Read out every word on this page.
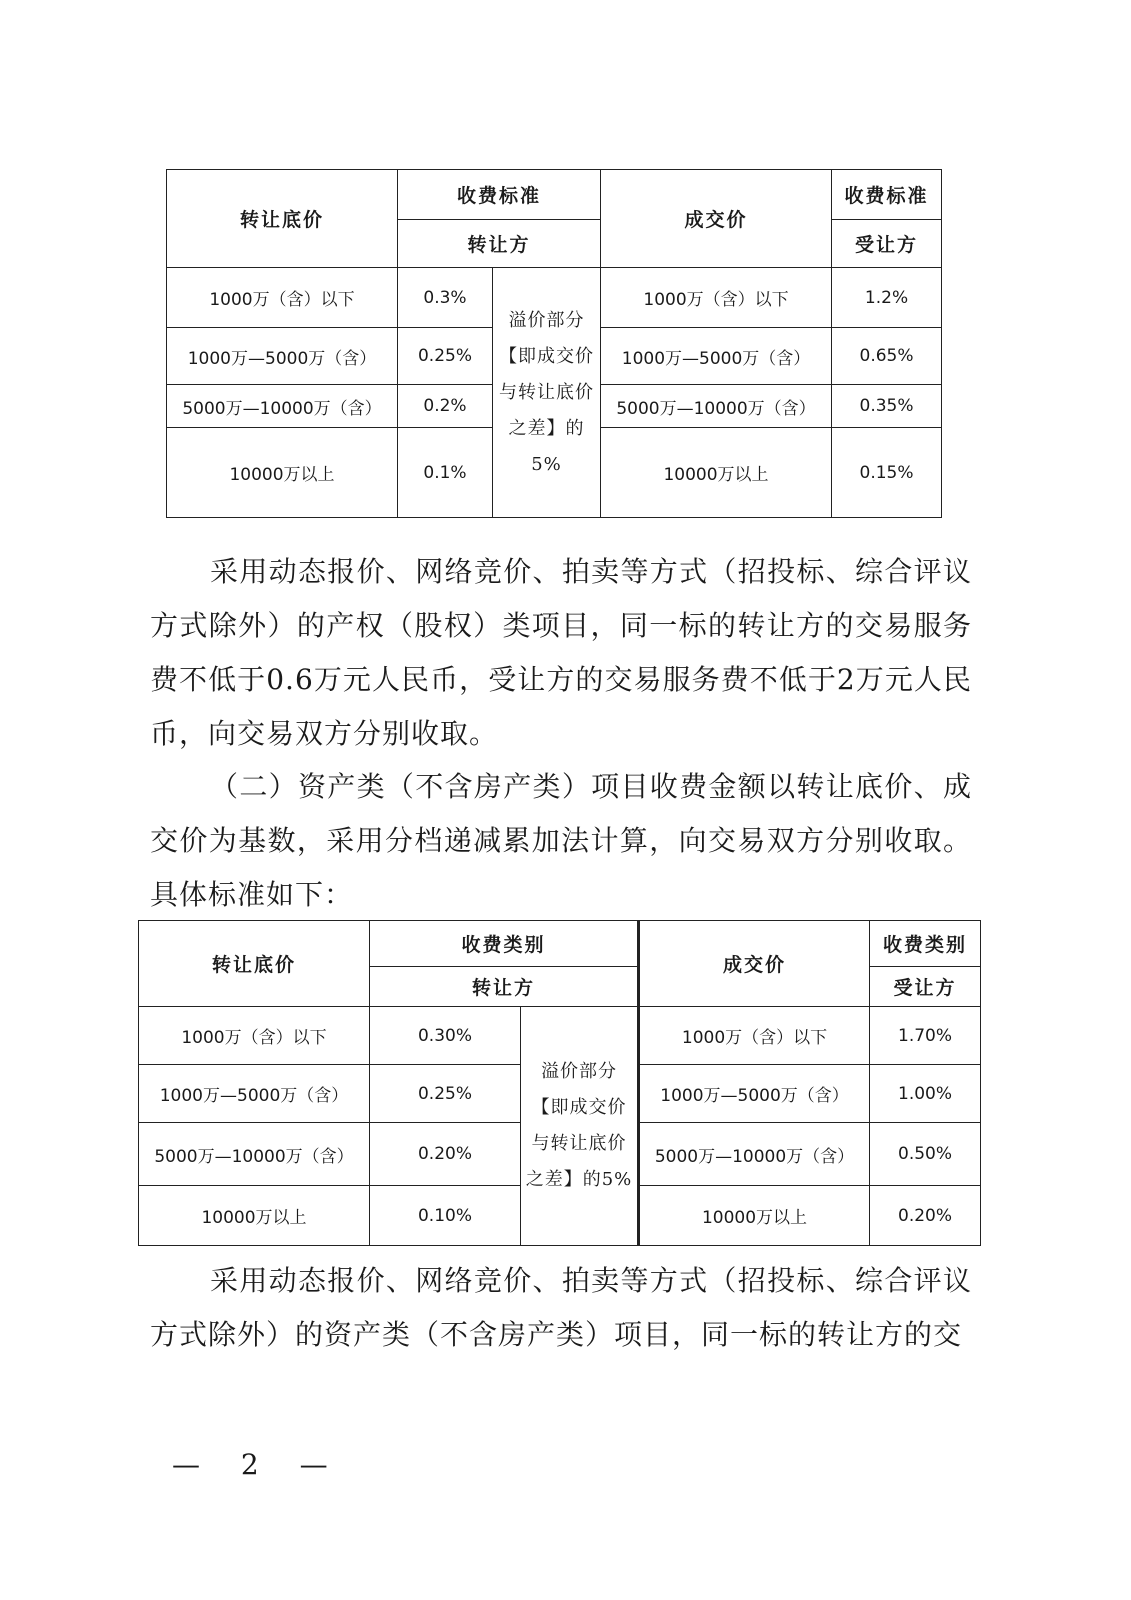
转让底价	收费标准		成交价	收费标准
	转让方			受让方
1000万（含）以下	0.3%	溢价部分【即成交价与转让底价之差】的5%	1000万（含）以下	1.2%
1000万—5000万（含）	0.25%		1000万—5000万（含）	0.65%
5000万—10000万（含）	0.2%		5000万—10000万（含）	0.35%
10000万以上	0.1%		10000万以上	0.15%

采用动态报价、网络竞价、拍卖等方式（招投标、综合评议方式除外）的产权（股权）类项目，同一标的转让方的交易服务费不低于0.6万元人民币，受让方的交易服务费不低于2万元人民币，向交易双方分别收取。

（二）资产类（不含房产类）项目收费金额以转让底价、成交价为基数，采用分档递减累加法计算，向交易双方分别收取。具体标准如下：

转让底价	收费类别		成交价	收费类别
	转让方			受让方
1000万（含）以下	0.30%	溢价部分【即成交价与转让底价之差】的5%	1000万（含）以下	1.70%
1000万—5000万（含）	0.25%		1000万—5000万（含）	1.00%
5000万—10000万（含）	0.20%		5000万—10000万（含）	0.50%
10000万以上	0.10%		10000万以上	0.20%

采用动态报价、网络竞价、拍卖等方式（招投标、综合评议方式除外）的资产类（不含房产类）项目，同一标的转让方的交

— 2 —
